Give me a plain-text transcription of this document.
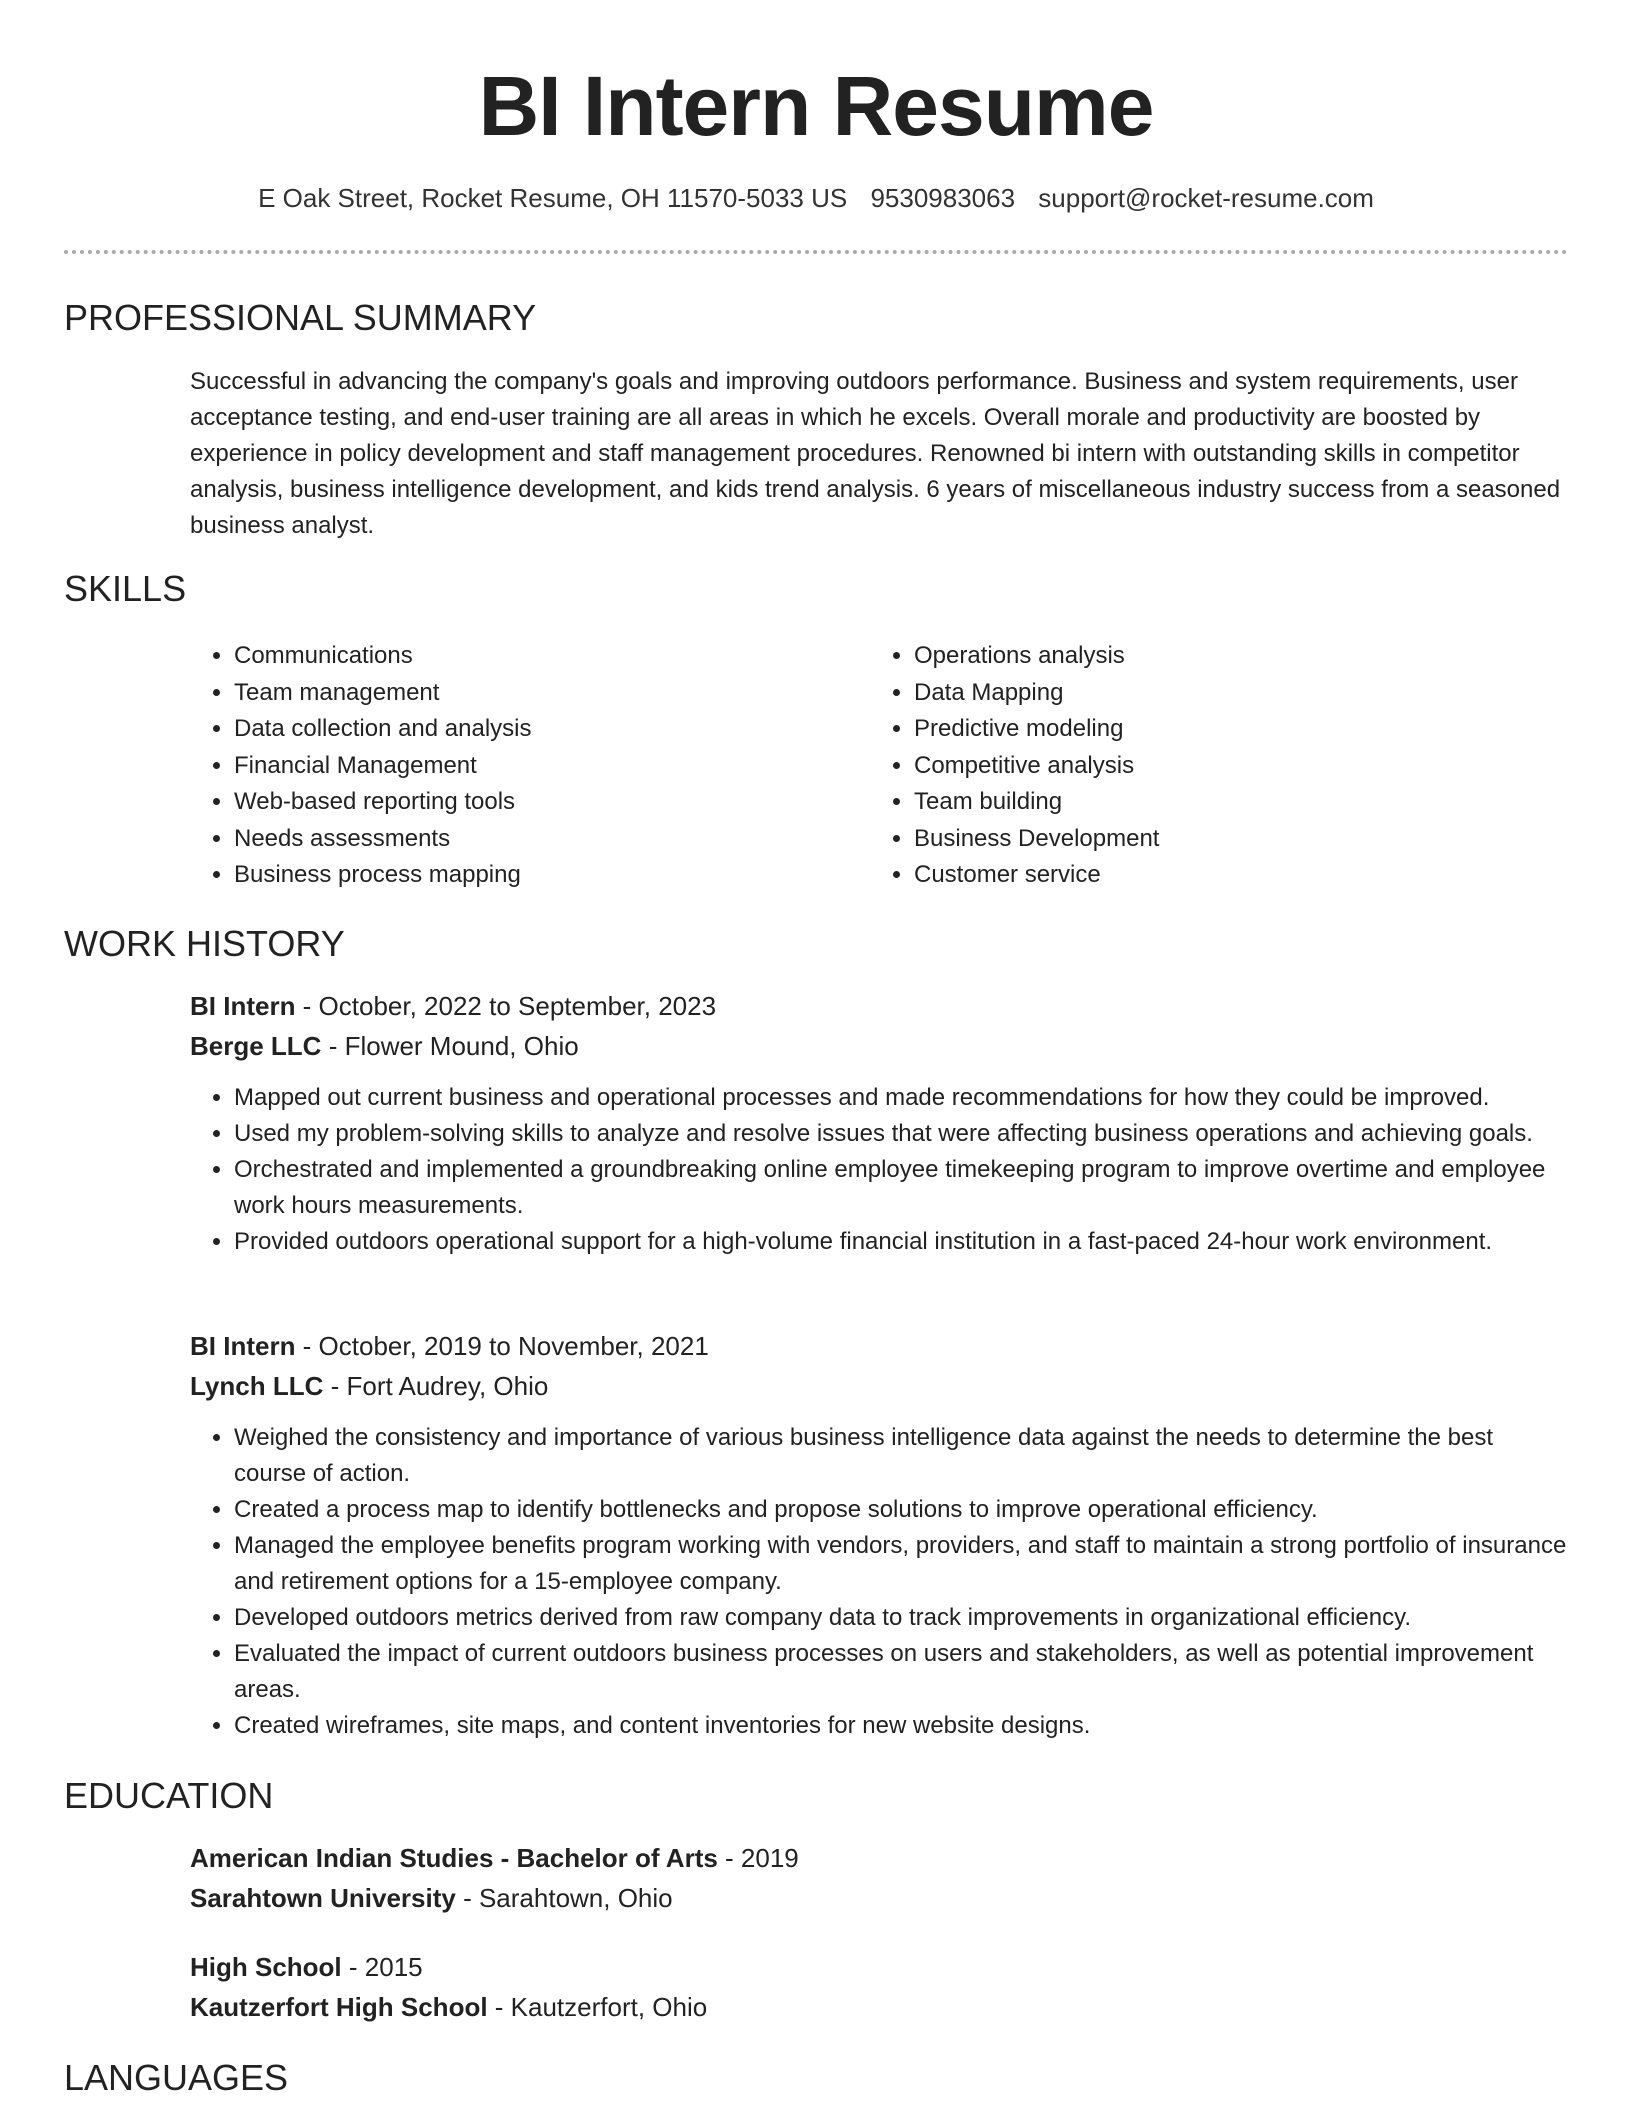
BI Intern Resume
E Oak Street, Rocket Resume, OH 11570-5033 US 9530983063 support@rocket-resume.com
PROFESSIONAL SUMMARY
Successful in advancing the company's goals and improving outdoors performance. Business and system requirements, user acceptance testing, and end-user training are all areas in which he excels. Overall morale and productivity are boosted by experience in policy development and staff management procedures. Renowned bi intern with outstanding skills in competitor analysis, business intelligence development, and kids trend analysis. 6 years of miscellaneous industry success from a seasoned business analyst.
SKILLS
• Communications
• Team management
• Data collection and analysis
• Financial Management
• Web-based reporting tools
• Needs assessments
• Business process mapping
• Operations analysis
• Data Mapping
• Predictive modeling
• Competitive analysis
• Team building
• Business Development
• Customer service
WORK HISTORY
BI Intern - October, 2022 to September, 2023
Berge LLC - Flower Mound, Ohio
• Mapped out current business and operational processes and made recommendations for how they could be improved.
• Used my problem-solving skills to analyze and resolve issues that were affecting business operations and achieving goals.
• Orchestrated and implemented a groundbreaking online employee timekeeping program to improve overtime and employee work hours measurements.
• Provided outdoors operational support for a high-volume financial institution in a fast-paced 24-hour work environment.
BI Intern - October, 2019 to November, 2021
Lynch LLC - Fort Audrey, Ohio
• Weighed the consistency and importance of various business intelligence data against the needs to determine the best course of action.
• Created a process map to identify bottlenecks and propose solutions to improve operational efficiency.
• Managed the employee benefits program working with vendors, providers, and staff to maintain a strong portfolio of insurance and retirement options for a 15-employee company.
• Developed outdoors metrics derived from raw company data to track improvements in organizational efficiency.
• Evaluated the impact of current outdoors business processes on users and stakeholders, as well as potential improvement areas.
• Created wireframes, site maps, and content inventories for new website designs.
EDUCATION
American Indian Studies - Bachelor of Arts - 2019
Sarahtown University - Sarahtown, Ohio
High School - 2015
Kautzerfort High School - Kautzerfort, Ohio
LANGUAGES
